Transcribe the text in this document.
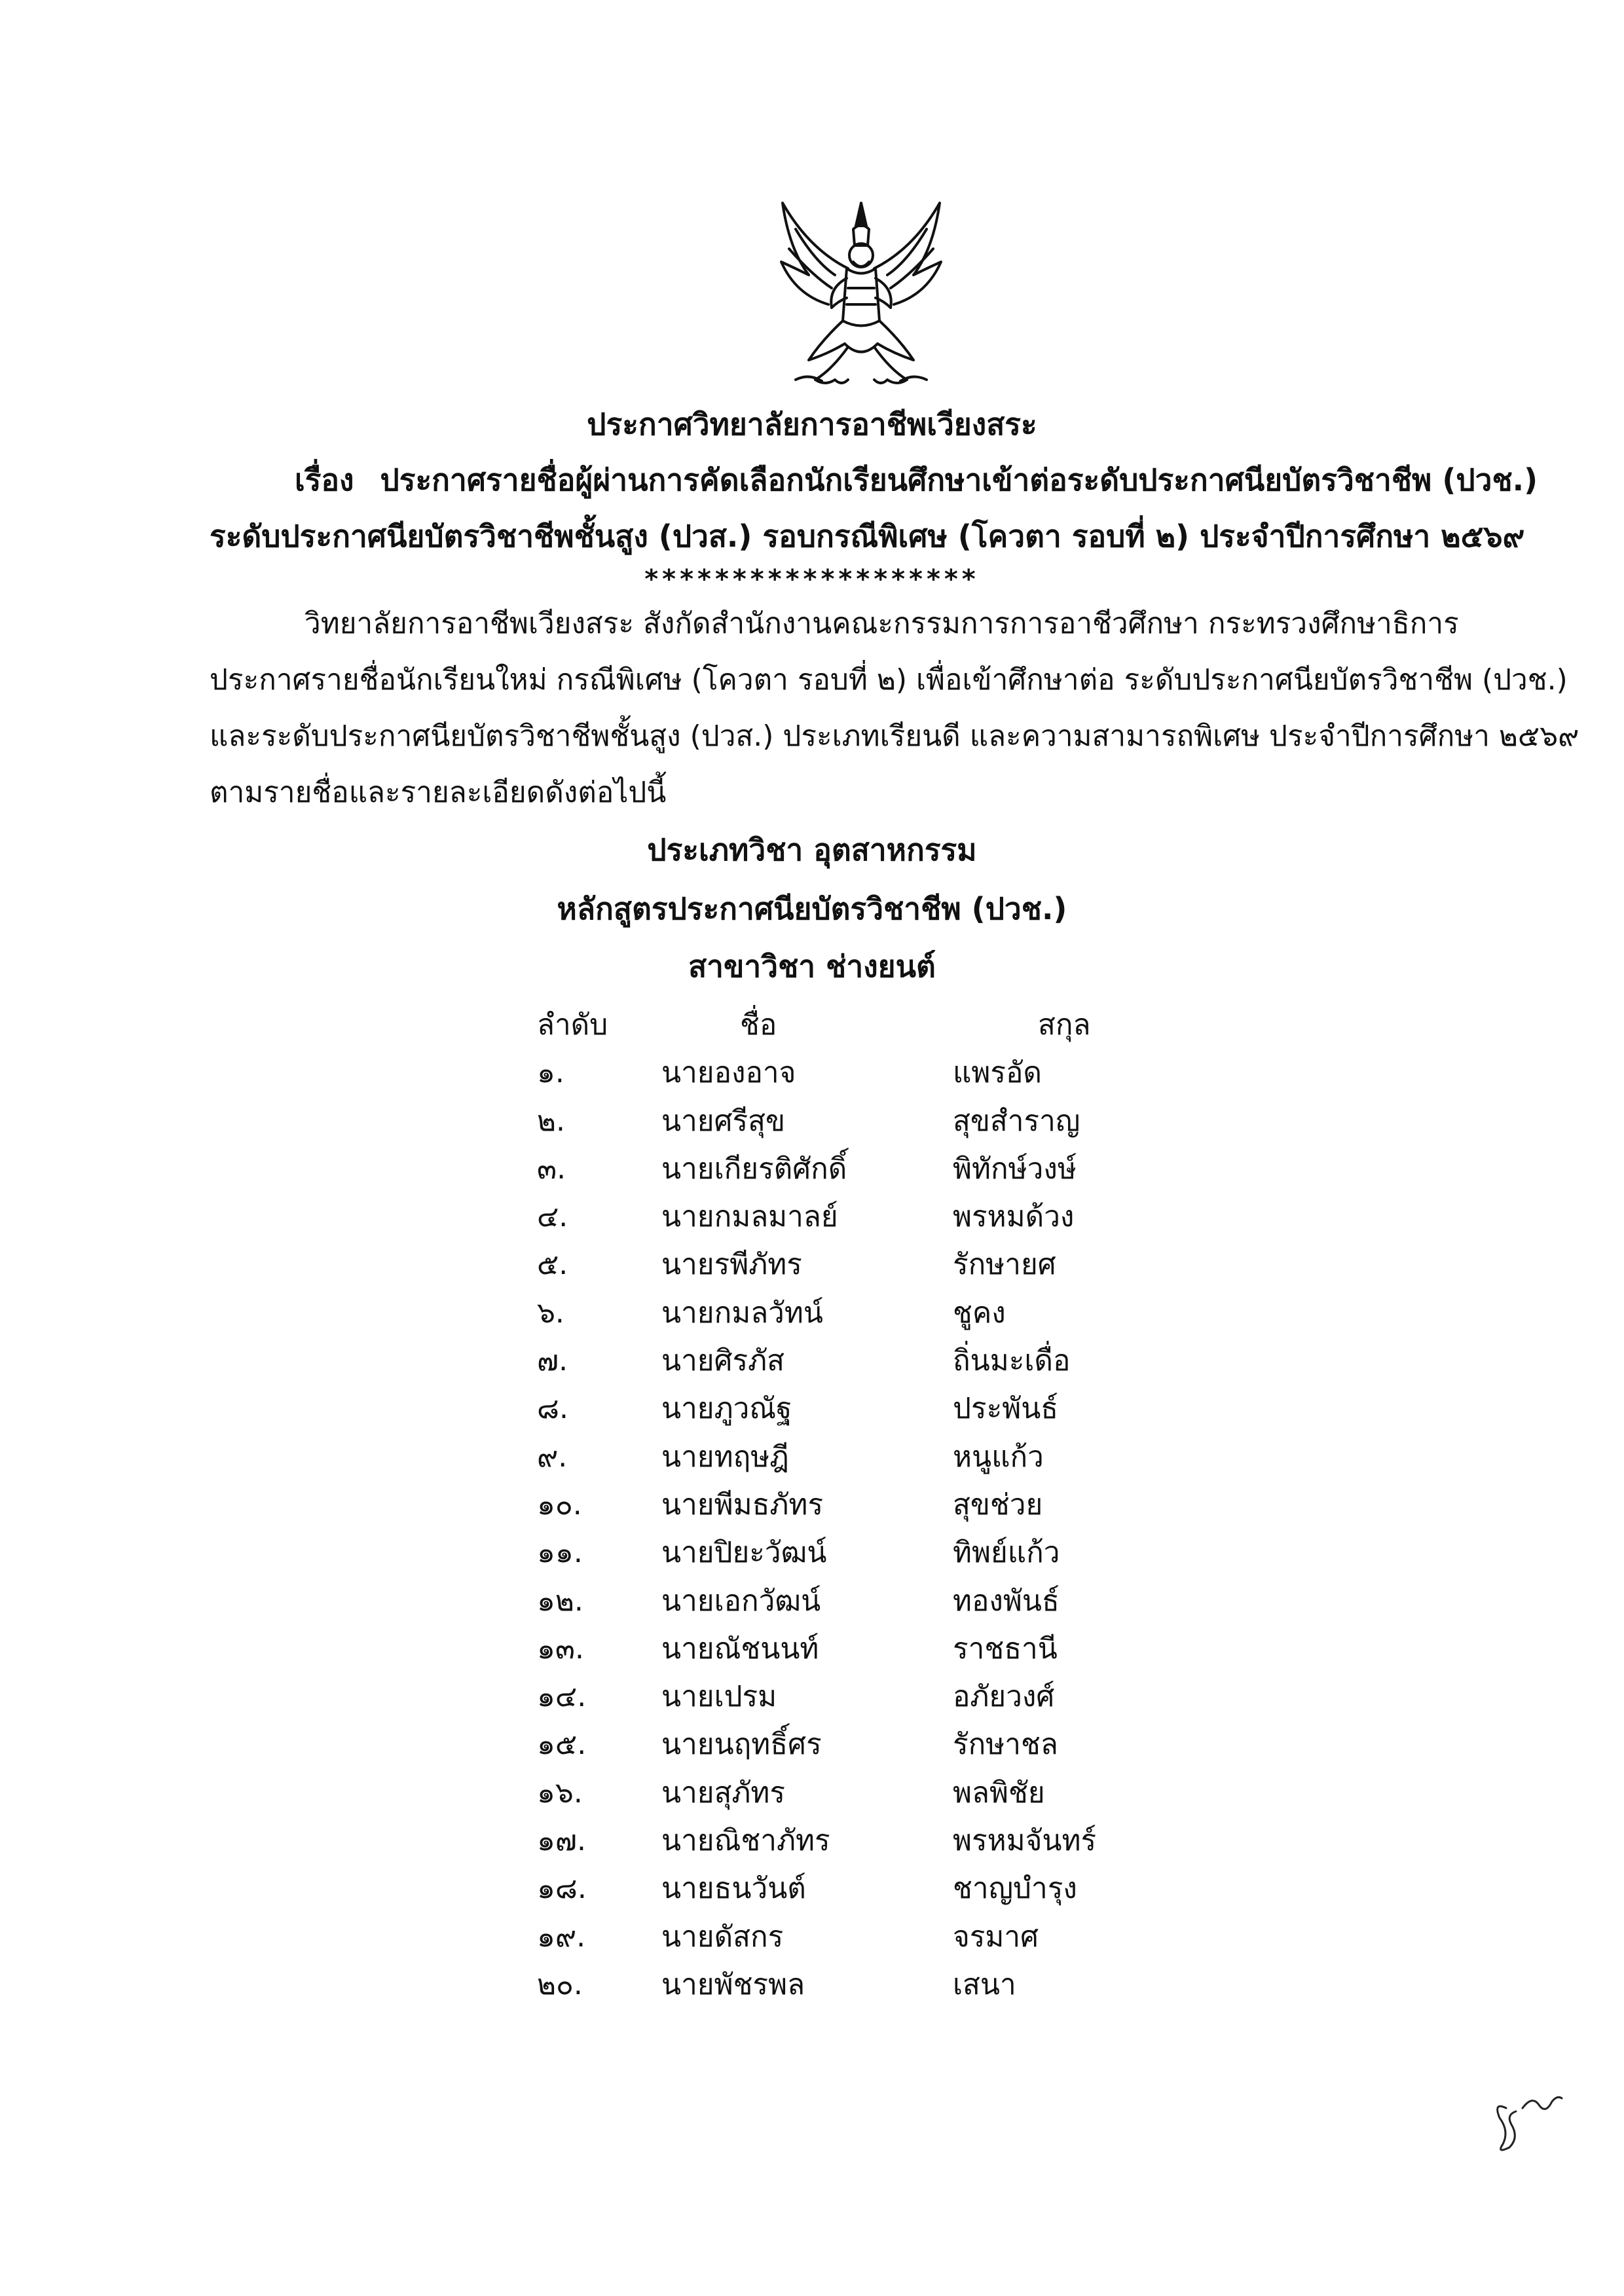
ประกาศวิทยาลัยการอาชีพเวียงสระ
เรื่อง ประกาศรายชื่อผู้ผ่านการคัดเลือกนักเรียนศึกษาเข้าต่อระดับประกาศนียบัตรวิชาชีพ (ปวช.)
ระดับประกาศนียบัตรวิชาชีพชั้นสูง (ปวส.) รอบกรณีพิเศษ (โควตา รอบที่ ๒) ประจำปีการศึกษา ๒๕๖๙
*******************
วิทยาลัยการอาชีพเวียงสระ สังกัดสำนักงานคณะกรรมการการอาชีวศึกษา กระทรวงศึกษาธิการ
ประกาศรายชื่อนักเรียนใหม่ กรณีพิเศษ (โควตา รอบที่ ๒) เพื่อเข้าศึกษาต่อ ระดับประกาศนียบัตรวิชาชีพ (ปวช.)
และระดับประกาศนียบัตรวิชาชีพชั้นสูง (ปวส.) ประเภทเรียนดี และความสามารถพิเศษ ประจำปีการศึกษา ๒๕๖๙
ตามรายชื่อและรายละเอียดดังต่อไปนี้
ประเภทวิชา อุตสาหกรรม
หลักสูตรประกาศนียบัตรวิชาชีพ (ปวช.)
สาขาวิชา ช่างยนต์
ลำดับ	ชื่อ	สกุล
๑.	นายองอาจ	แพรอัด
๒.	นายศรีสุข	สุขสำราญ
๓.	นายเกียรติศักดิ์	พิทักษ์วงษ์
๔.	นายกมลมาลย์	พรหมด้วง
๕.	นายรพีภัทร	รักษายศ
๖.	นายกมลวัทน์	ชูคง
๗.	นายศิรภัส	ถิ่นมะเดื่อ
๘.	นายภูวณัฐ	ประพันธ์
๙.	นายทฤษฎี	หนูแก้ว
๑๐.	นายพีมธภัทร	สุขช่วย
๑๑.	นายปิยะวัฒน์	ทิพย์แก้ว
๑๒.	นายเอกวัฒน์	ทองพันธ์
๑๓.	นายณัชนนท์	ราชธานี
๑๔.	นายเปรม	อภัยวงศ์
๑๕.	นายนฤทธิ์ศร	รักษาชล
๑๖.	นายสุภัทร	พลพิชัย
๑๗.	นายณิชาภัทร	พรหมจันทร์
๑๘.	นายธนวันต์	ชาญบำรุง
๑๙.	นายดัสกร	จรมาศ
๒๐.	นายพัชรพล	เสนา
